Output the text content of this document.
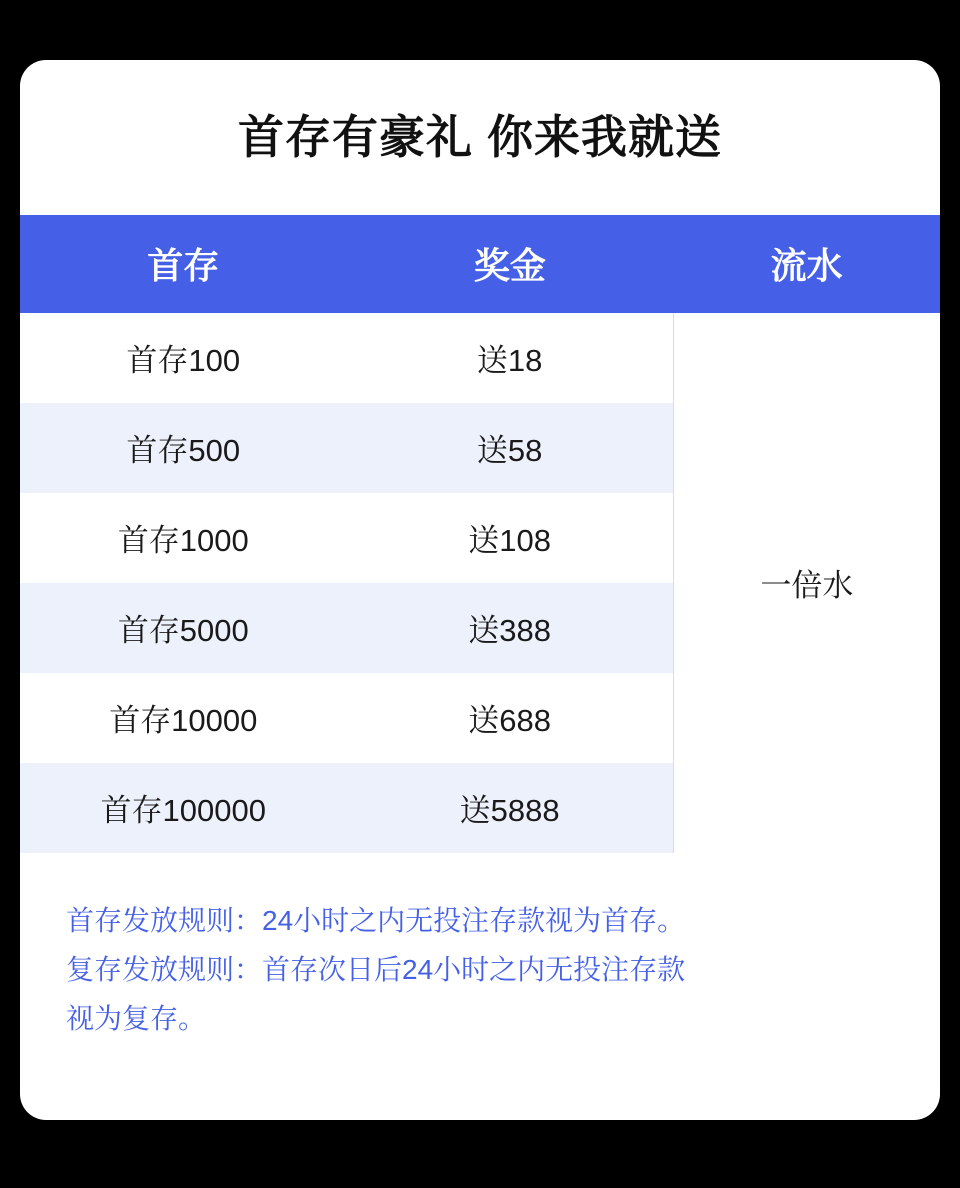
首存有豪礼 你来我就送
首存	奖金	流水
首存100	送18	一倍水
首存500	送58	
首存1000	送108	
首存5000	送388	
首存10000	送688	
首存100000	送5888	

首存发放规则：24小时之内无投注存款视为首存。

复存发放规则：首存次日后24小时之内无投注存款

视为复存。
